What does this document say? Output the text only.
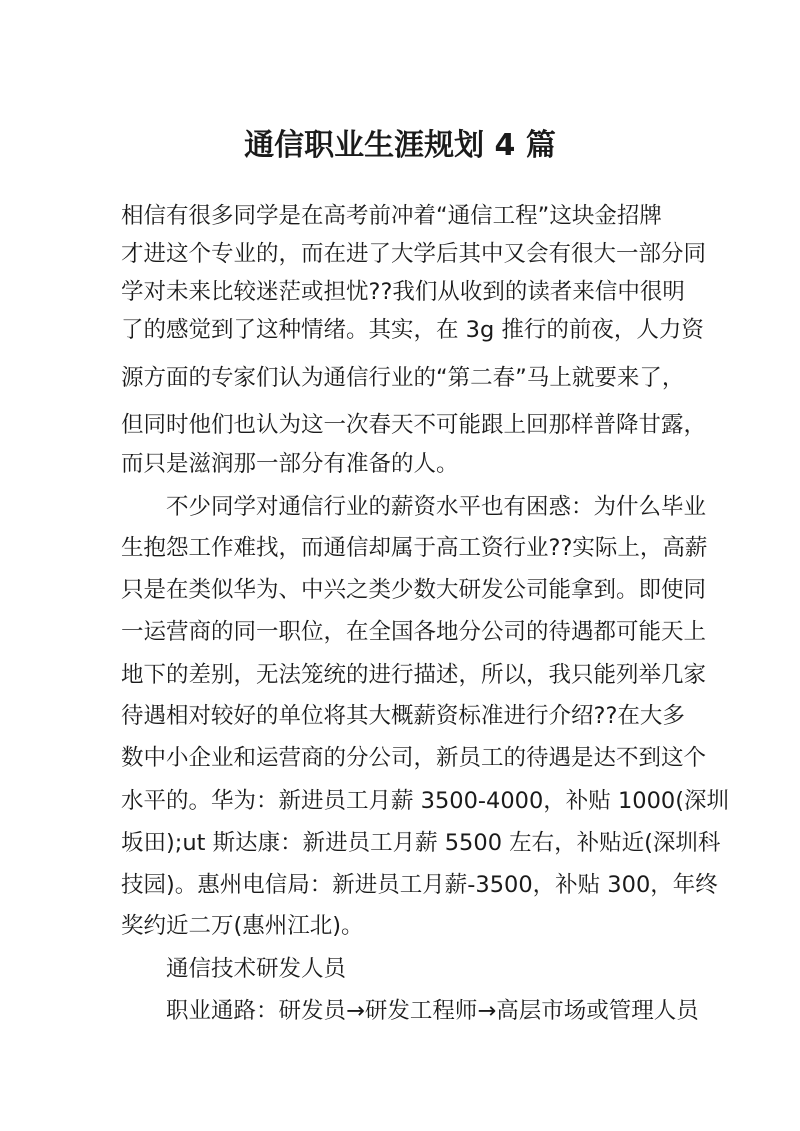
通信职业生涯规划 4 篇

相信有很多同学是在高考前冲着“通信工程”这块金招牌

才进这个专业的，而在进了大学后其中又会有很大一部分同

学对未来比较迷茫或担忧??我们从收到的读者来信中很明

了的感觉到了这种情绪。其实，在 3g 推行的前夜，人力资

源方面的专家们认为通信行业的“第二春”马上就要来了，

但同时他们也认为这一次春天不可能跟上回那样普降甘露，

而只是滋润那一部分有准备的人。

不少同学对通信行业的薪资水平也有困惑：为什么毕业

生抱怨工作难找，而通信却属于高工资行业??实际上，高薪

只是在类似华为、中兴之类少数大研发公司能拿到。即使同

一运营商的同一职位，在全国各地分公司的待遇都可能天上

地下的差别，无法笼统的进行描述，所以，我只能列举几家

待遇相对较好的单位将其大概薪资标准进行介绍??在大多

数中小企业和运营商的分公司，新员工的待遇是达不到这个

水平的。华为：新进员工月薪 3500-4000，补贴 1000(深圳

坂田);ut 斯达康：新进员工月薪 5500 左右，补贴近(深圳科

技园)。惠州电信局：新进员工月薪-3500，补贴 300，年终

奖约近二万(惠州江北)。

通信技术研发人员

职业通路：研发员→研发工程师→高层市场或管理人员
